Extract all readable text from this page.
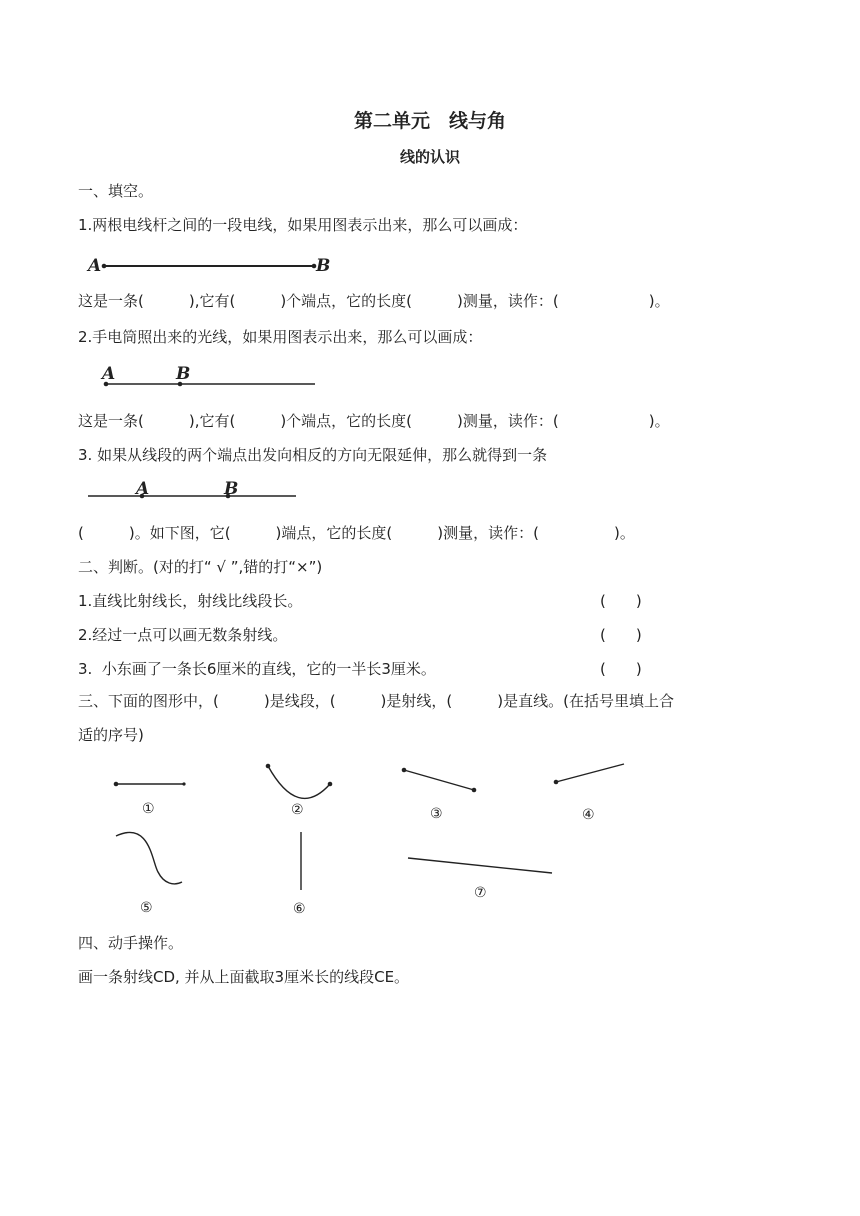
第二单元　线与角
线的认识
一、填空。
1.两根电线杆之间的一段电线，如果用图表示出来，那么可以画成：
A	B
这是一条(　　　),它有(　　　)个端点，它的长度(　　　)测量，读作：(　　　　　　)。
2.手电筒照出来的光线，如果用图表示出来，那么可以画成：
A	B
这是一条(　　　),它有(　　　)个端点，它的长度(　　　)测量，读作：(　　　　　　)。
3. 如果从线段的两个端点出发向相反的方向无限延伸，那么就得到一条
A	B
(　　　)。如下图，它(　　　)端点，它的长度(　　　)测量，读作：(　　　　　)。
二、判断。(对的打“ √ ”,错的打“×”)
1.直线比射线长，射线比线段长。	(　　)
2.经过一点可以画无数条射线。	(　　)
3.  小东画了一条长6厘米的直线，它的一半长3厘米。	(　　)
三、下面的图形中，(　　　)是线段，(　　　)是射线，(　　　)是直线。(在括号里填上合
适的序号)
①	②	③	④
⑤	⑥
⑦
四、动手操作。
画一条射线CD, 并从上面截取3厘米长的线段CE。
